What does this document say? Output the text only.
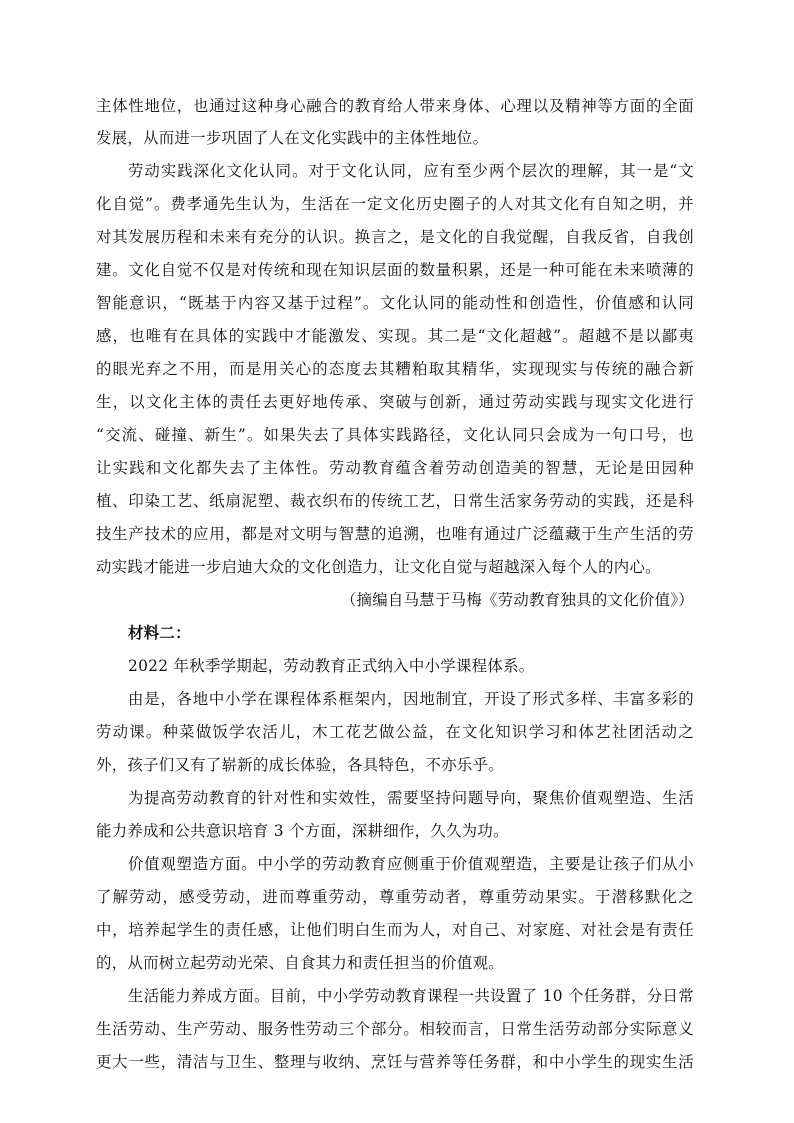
主体性地位，也通过这种身心融合的教育给人带来身体、心理以及精神等方面的全面
发展，从而进一步巩固了人在文化实践中的主体性地位。
劳动实践深化文化认同。对于文化认同，应有至少两个层次的理解，其一是“文
化自觉”。费孝通先生认为，生活在一定文化历史圈子的人对其文化有自知之明，并
对其发展历程和未来有充分的认识。换言之，是文化的自我觉醒，自我反省，自我创
建。文化自觉不仅是对传统和现在知识层面的数量积累，还是一种可能在未来喷薄的
智能意识，“既基于内容又基于过程”。文化认同的能动性和创造性，价值感和认同
感，也唯有在具体的实践中才能激发、实现。其二是“文化超越”。超越不是以鄙夷
的眼光弃之不用，而是用关心的态度去其糟粕取其精华，实现现实与传统的融合新
生，以文化主体的责任去更好地传承、突破与创新，通过劳动实践与现实文化进行
“交流、碰撞、新生”。如果失去了具体实践路径，文化认同只会成为一句口号，也
让实践和文化都失去了主体性。劳动教育蕴含着劳动创造美的智慧，无论是田园种
植、印染工艺、纸扇泥塑、裁衣织布的传统工艺，日常生活家务劳动的实践，还是科
技生产技术的应用，都是对文明与智慧的追溯，也唯有通过广泛蕴藏于生产生活的劳
动实践才能进一步启迪大众的文化创造力，让文化自觉与超越深入每个人的内心。
（摘编自马慧于马梅《劳动教育独具的文化价值》）
材料二：
2022 年秋季学期起，劳动教育正式纳入中小学课程体系。
由是，各地中小学在课程体系框架内，因地制宜，开设了形式多样、丰富多彩的
劳动课。种菜做饭学农活儿，木工花艺做公益，在文化知识学习和体艺社团活动之
外，孩子们又有了崭新的成长体验，各具特色，不亦乐乎。
为提高劳动教育的针对性和实效性，需要坚持问题导向，聚焦价值观塑造、生活
能力养成和公共意识培育 3 个方面，深耕细作，久久为功。
价值观塑造方面。中小学的劳动教育应侧重于价值观塑造，主要是让孩子们从小
了解劳动，感受劳动，进而尊重劳动，尊重劳动者，尊重劳动果实。于潜移默化之
中，培养起学生的责任感，让他们明白生而为人，对自己、对家庭、对社会是有责任
的，从而树立起劳动光荣、自食其力和责任担当的价值观。
生活能力养成方面。目前，中小学劳动教育课程一共设置了 10 个任务群，分日常
生活劳动、生产劳动、服务性劳动三个部分。相较而言，日常生活劳动部分实际意义
更大一些，清洁与卫生、整理与收纳、烹饪与营养等任务群，和中小学生的现实生活
